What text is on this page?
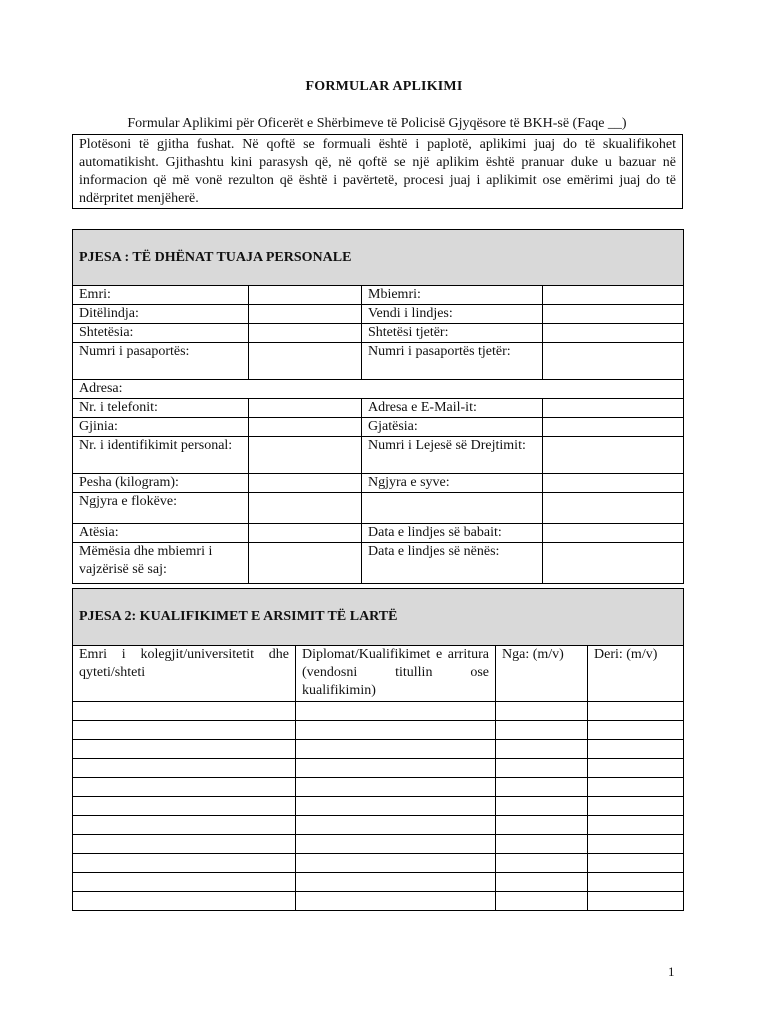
FORMULAR APLIKIMI
Formular Aplikimi për Oficerët e Shërbimeve të Policisë Gjyqësore të BKH-së (Faqe __)
Plotësoni të gjitha fushat. Në qoftë se formuali është i paplotë, aplikimi juaj do të skualifikohet automatikisht. Gjithashtu kini parasysh që, në qoftë se një aplikim është pranuar duke u bazuar në informacion që më vonë rezulton që është i pavërtetë, procesi juaj i aplikimit ose emërimi juaj do të ndërpritet menjëherë.
PJESA : TË DHËNAT TUAJA PERSONALE			
Emri:		Mbiemri:	
Ditëlindja:		Vendi i lindjes:	
Shtetësia:		Shtetësi tjetër:	
Numri i pasaportës:		Numri i pasaportës tjetër:	
Adresa:			
Nr. i telefonit:		Adresa e E-Mail-it:	
Gjinia:		Gjatësia:	
Nr. i identifikimit personal:		Numri i Lejesë së Drejtimit:	
Pesha (kilogram):		Ngjyra e syve:	
Ngjyra e flokëve:			
Atësia:		Data e lindjes së babait:	
Mëmësia dhe mbiemri i vajzërisë së saj:		Data e lindjes së nënës:	
PJESA 2: KUALIFIKIMET E ARSIMIT TË LARTË			
Emri i kolegjit/universitetit dhe qyteti/shteti	Diplomat/Kualifikimet e arritura (vendosni titullin ose kualifikimin)	Nga: (m/v)	Deri: (m/v)

1
